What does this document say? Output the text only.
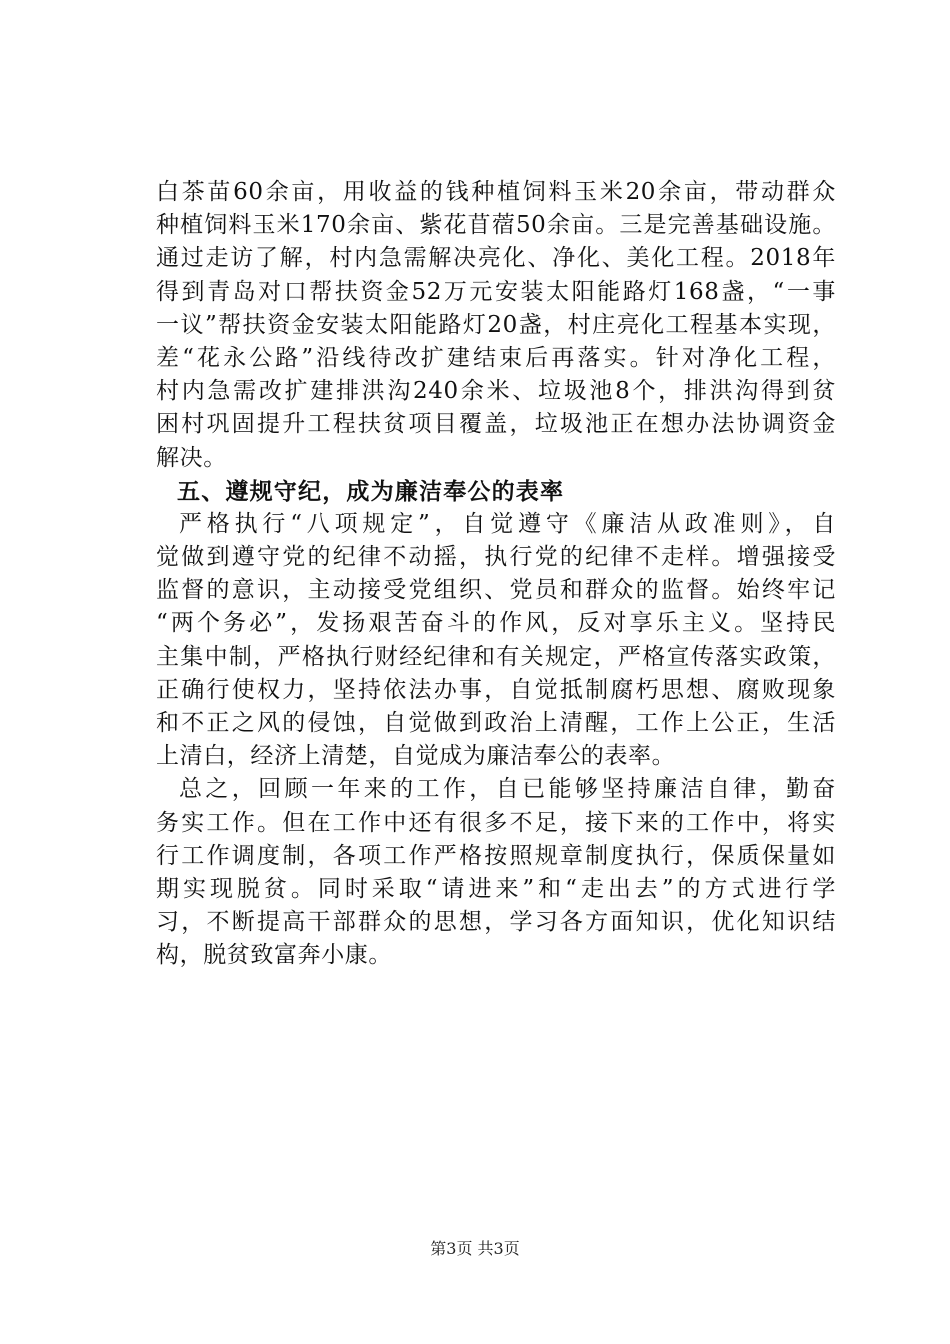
白茶苗60余亩，用收益的钱种植饲料玉米20余亩，带动群众
种植饲料玉米170余亩、紫花苜蓿50余亩。三是完善基础设施。
通过走访了解，村内急需解决亮化、净化、美化工程。2018年
得到青岛对口帮扶资金52万元安装太阳能路灯168盏，“一事
一议”帮扶资金安装太阳能路灯20盏，村庄亮化工程基本实现，
差“花永公路”沿线待改扩建结束后再落实。针对净化工程，
村内急需改扩建排洪沟240余米、垃圾池8个，排洪沟得到贫
困村巩固提升工程扶贫项目覆盖，垃圾池正在想办法协调资金
解决。
五、遵规守纪，成为廉洁奉公的表率
严格执行“八项规定”，自觉遵守《廉洁从政准则》，自
觉做到遵守党的纪律不动摇，执行党的纪律不走样。增强接受
监督的意识，主动接受党组织、党员和群众的监督。始终牢记
“两个务必”，发扬艰苦奋斗的作风，反对享乐主义。坚持民
主集中制，严格执行财经纪律和有关规定，严格宣传落实政策，
正确行使权力，坚持依法办事，自觉抵制腐朽思想、腐败现象
和不正之风的侵蚀，自觉做到政治上清醒，工作上公正，生活
上清白，经济上清楚，自觉成为廉洁奉公的表率。
总之，回顾一年来的工作，自已能够坚持廉洁自律，勤奋
务实工作。但在工作中还有很多不足，接下来的工作中，将实
行工作调度制，各项工作严格按照规章制度执行，保质保量如
期实现脱贫。同时采取“请进来”和“走出去”的方式进行学
习，不断提高干部群众的思想，学习各方面知识，优化知识结
构，脱贫致富奔小康。
第3页 共3页
